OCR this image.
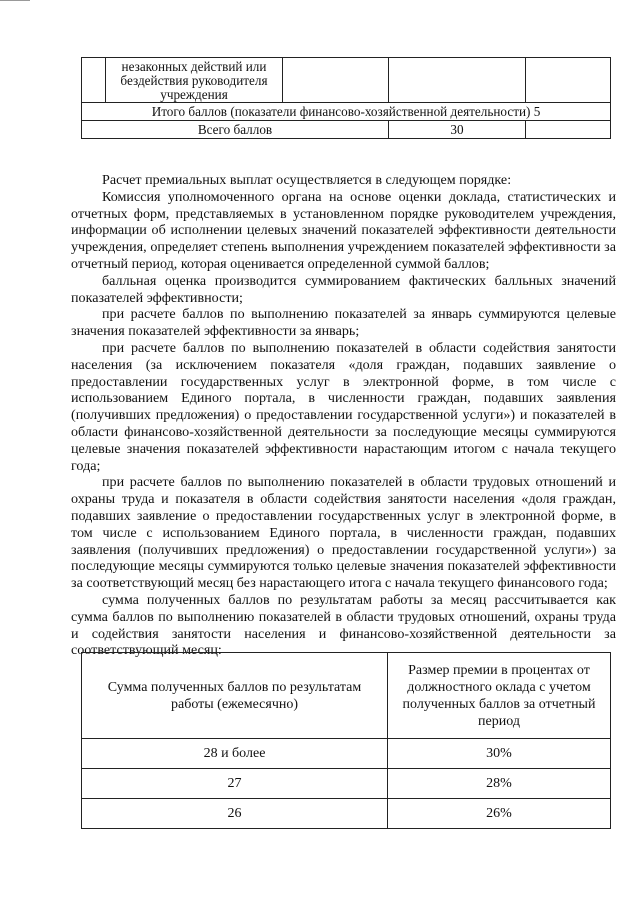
	незаконных действий или бездействия руководителя учреждения			
Итого баллов (показатели финансово-хозяйственной деятельности) 5				
Всего баллов			30	

Расчет премиальных выплат осуществляется в следующем порядке:

Комиссия уполномоченного органа на основе оценки доклада, статистических и отчетных форм, представляемых в установленном порядке руководителем учреждения, информации об исполнении целевых значений показателей эффективности деятельности учреждения, определяет степень выполнения учреждением показателей эффективности за отчетный период, которая оценивается определенной суммой баллов;

балльная оценка производится суммированием фактических балльных значений показателей эффективности;

при расчете баллов по выполнению показателей за январь суммируются целевые значения показателей эффективности за январь;

при расчете баллов по выполнению показателей в области содействия занятости населения (за исключением показателя «доля граждан, подавших заявление о предоставлении государственных услуг в электронной форме, в том числе с использованием Единого портала, в численности граждан, подавших заявления (получивших предложения) о предоставлении государственной услуги») и показателей в области финансово-хозяйственной деятельности за последующие месяцы суммируются целевые значения показателей эффективности нарастающим итогом с начала текущего года;

при расчете баллов по выполнению показателей в области трудовых отношений и охраны труда и показателя в области содействия занятости населения «доля граждан, подавших заявление о предоставлении государственных услуг в электронной форме, в том числе с использованием Единого портала, в численности граждан, подавших заявления (получивших предложения) о предоставлении государственной услуги») за последующие месяцы суммируются только целевые значения показателей эффективности за соответствующий месяц без нарастающего итога с начала текущего финансового года;

сумма полученных баллов по результатам работы за месяц рассчитывается как сумма баллов по выполнению показателей в области трудовых отношений, охраны труда и содействия занятости населения и финансово-хозяйственной деятельности за соответствующий месяц:

Сумма полученных баллов по результатам работы (ежемесячно)	Размер премии в процентах от должностного оклада с учетом полученных баллов за отчетный период
28 и более	30%
27	28%
26	26%
